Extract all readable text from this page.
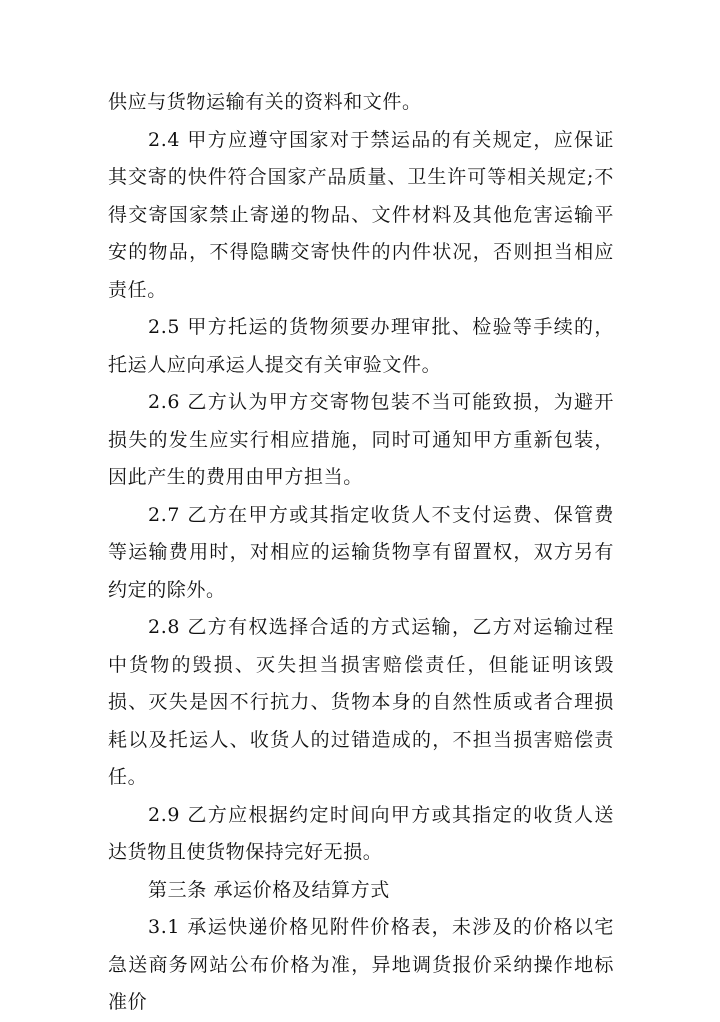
供应与货物运输有关的资料和文件。

2.4 甲方应遵守国家对于禁运品的有关规定，应保证其交寄的快件符合国家产品质量、卫生许可等相关规定;不得交寄国家禁止寄递的物品、文件材料及其他危害运输平安的物品，不得隐瞒交寄快件的内件状况，否则担当相应责任。

2.5 甲方托运的货物须要办理审批、检验等手续的，托运人应向承运人提交有关审验文件。

2.6 乙方认为甲方交寄物包装不当可能致损，为避开损失的发生应实行相应措施，同时可通知甲方重新包装，因此产生的费用由甲方担当。

2.7 乙方在甲方或其指定收货人不支付运费、保管费等运输费用时，对相应的运输货物享有留置权，双方另有约定的除外。

2.8 乙方有权选择合适的方式运输，乙方对运输过程中货物的毁损、灭失担当损害赔偿责任，但能证明该毁损、灭失是因不行抗力、货物本身的自然性质或者合理损耗以及托运人、收货人的过错造成的，不担当损害赔偿责任。

2.9 乙方应根据约定时间向甲方或其指定的收货人送达货物且使货物保持完好无损。

第三条 承运价格及结算方式

3.1 承运快递价格见附件价格表，未涉及的价格以宅急送商务网站公布价格为准，异地调货报价采纳操作地标准价
